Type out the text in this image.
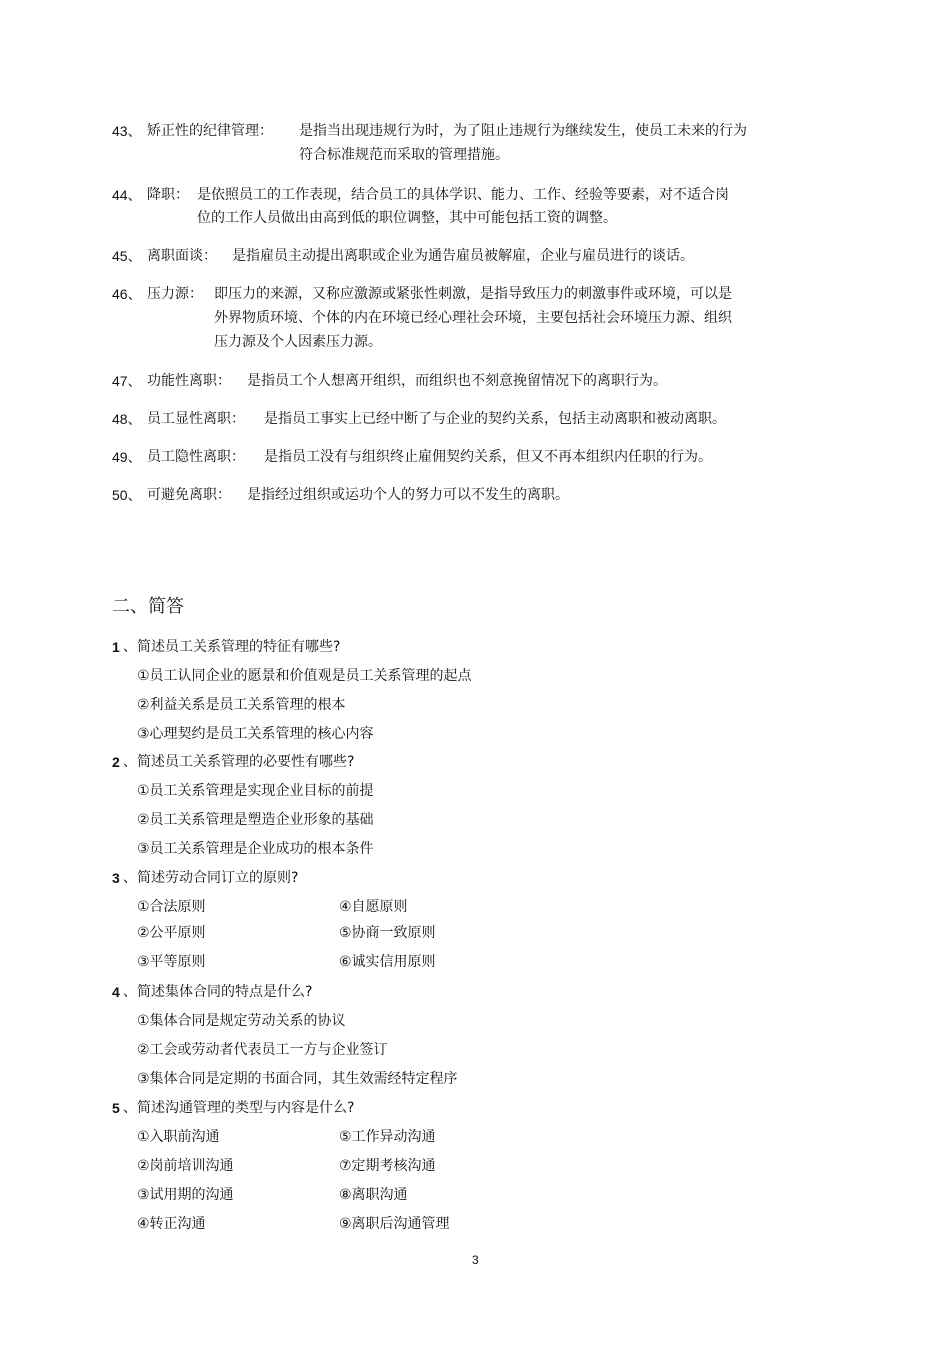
43、 矫正性的纪律管理： 是指当出现违规行为时，为了阻止违规行为继续发生，使员工未来的行为
符合标准规范而采取的管理措施。
44、 降职： 是依照员工的工作表现，结合员工的具体学识、能力、工作、经验等要素，对不适合岗
位的工作人员做出由高到低的职位调整，其中可能包括工资的调整。
45、 离职面谈： 是指雇员主动提出离职或企业为通告雇员被解雇，企业与雇员进行的谈话。
46、 压力源： 即压力的来源，又称应激源或紧张性刺激，是指导致压力的刺激事件或环境，可以是
外界物质环境、个体的内在环境已经心理社会环境，主要包括社会环境压力源、组织
压力源及个人因素压力源。
47、 功能性离职： 是指员工个人想离开组织，而组织也不刻意挽留情况下的离职行为。
48、 员工显性离职： 是指员工事实上已经中断了与企业的契约关系，包括主动离职和被动离职。
49、 员工隐性离职： 是指员工没有与组织终止雇佣契约关系，但又不再本组织内任职的行为。
50、 可避免离职： 是指经过组织或运功个人的努力可以不发生的离职。
二、简答
1 、简述员工关系管理的特征有哪些?
①员工认同企业的愿景和价值观是员工关系管理的起点
②利益关系是员工关系管理的根本
③心理契约是员工关系管理的核心内容
2 、简述员工关系管理的必要性有哪些?
①员工关系管理是实现企业目标的前提
②员工关系管理是塑造企业形象的基础
③员工关系管理是企业成功的根本条件
3 、简述劳动合同订立的原则?
①合法原则	④自愿原则
②公平原则	⑤协商一致原则
③平等原则	⑥诚实信用原则
4 、简述集体合同的特点是什么?
①集体合同是规定劳动关系的协议
②工会或劳动者代表员工一方与企业签订
③集体合同是定期的书面合同，其生效需经特定程序
5 、简述沟通管理的类型与内容是什么?
①入职前沟通	⑤工作异动沟通
②岗前培训沟通	⑦定期考核沟通
③试用期的沟通	⑧离职沟通
④转正沟通	⑨离职后沟通管理
3
